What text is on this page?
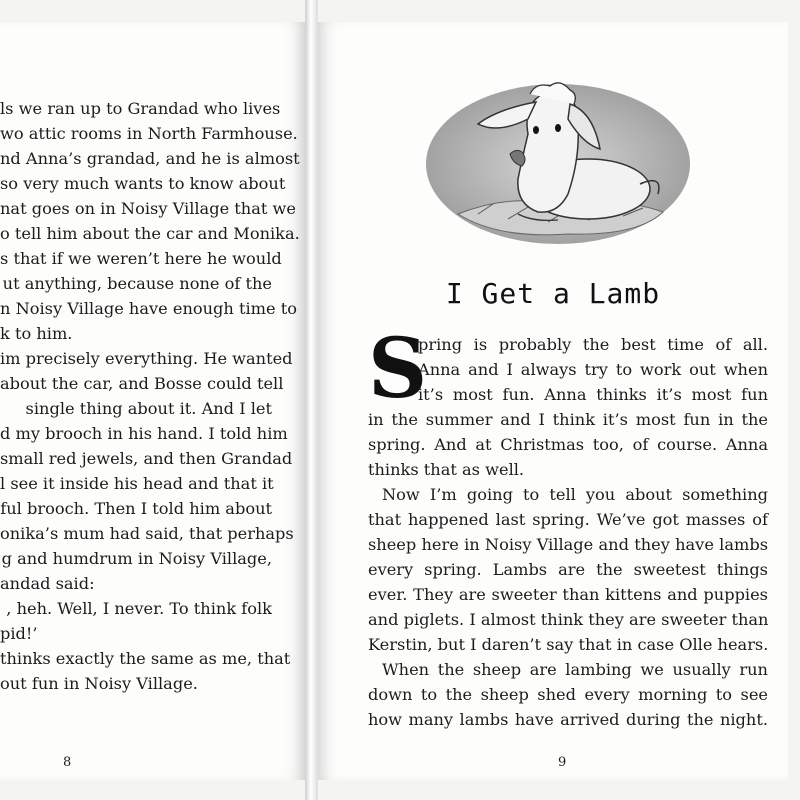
ls we ran up to Grandad who lives
wo attic rooms in North Farmhouse.
nd Anna’s grandad, and he is almost
so very much wants to know about
nat goes on in Noisy Village that we
o tell him about the car and Monika.
s that if we weren’t here he would
ut anything, because none of the
n Noisy Village have enough time to
k to him.
im precisely everything. He wanted
about the car, and Bosse could tell
single thing about it. And I let
d my brooch in his hand. I told him
small red jewels, and then Grandad
l see it inside his head and that it
ful brooch. Then I told him about
onika’s mum had said, that perhaps
g and humdrum in Noisy Village,
andad said:
, heh. Well, I never. To think folk
pid!’
thinks exactly the same as me, that
out fun in Noisy Village.
8
I Get a Lamb
S
pring is probably the best time of all.
Anna and I always try to work out when
it’s most fun. Anna thinks it’s most fun
in the summer and I think it’s most fun in the
spring. And at Christmas too, of course. Anna
thinks that as well.
Now I’m going to tell you about something
that happened last spring. We’ve got masses of
sheep here in Noisy Village and they have lambs
every spring. Lambs are the sweetest things
ever. They are sweeter than kittens and puppies
and piglets. I almost think they are sweeter than
Kerstin, but I daren’t say that in case Olle hears.
When the sheep are lambing we usually run
down to the sheep shed every morning to see
how many lambs have arrived during the night.
9
